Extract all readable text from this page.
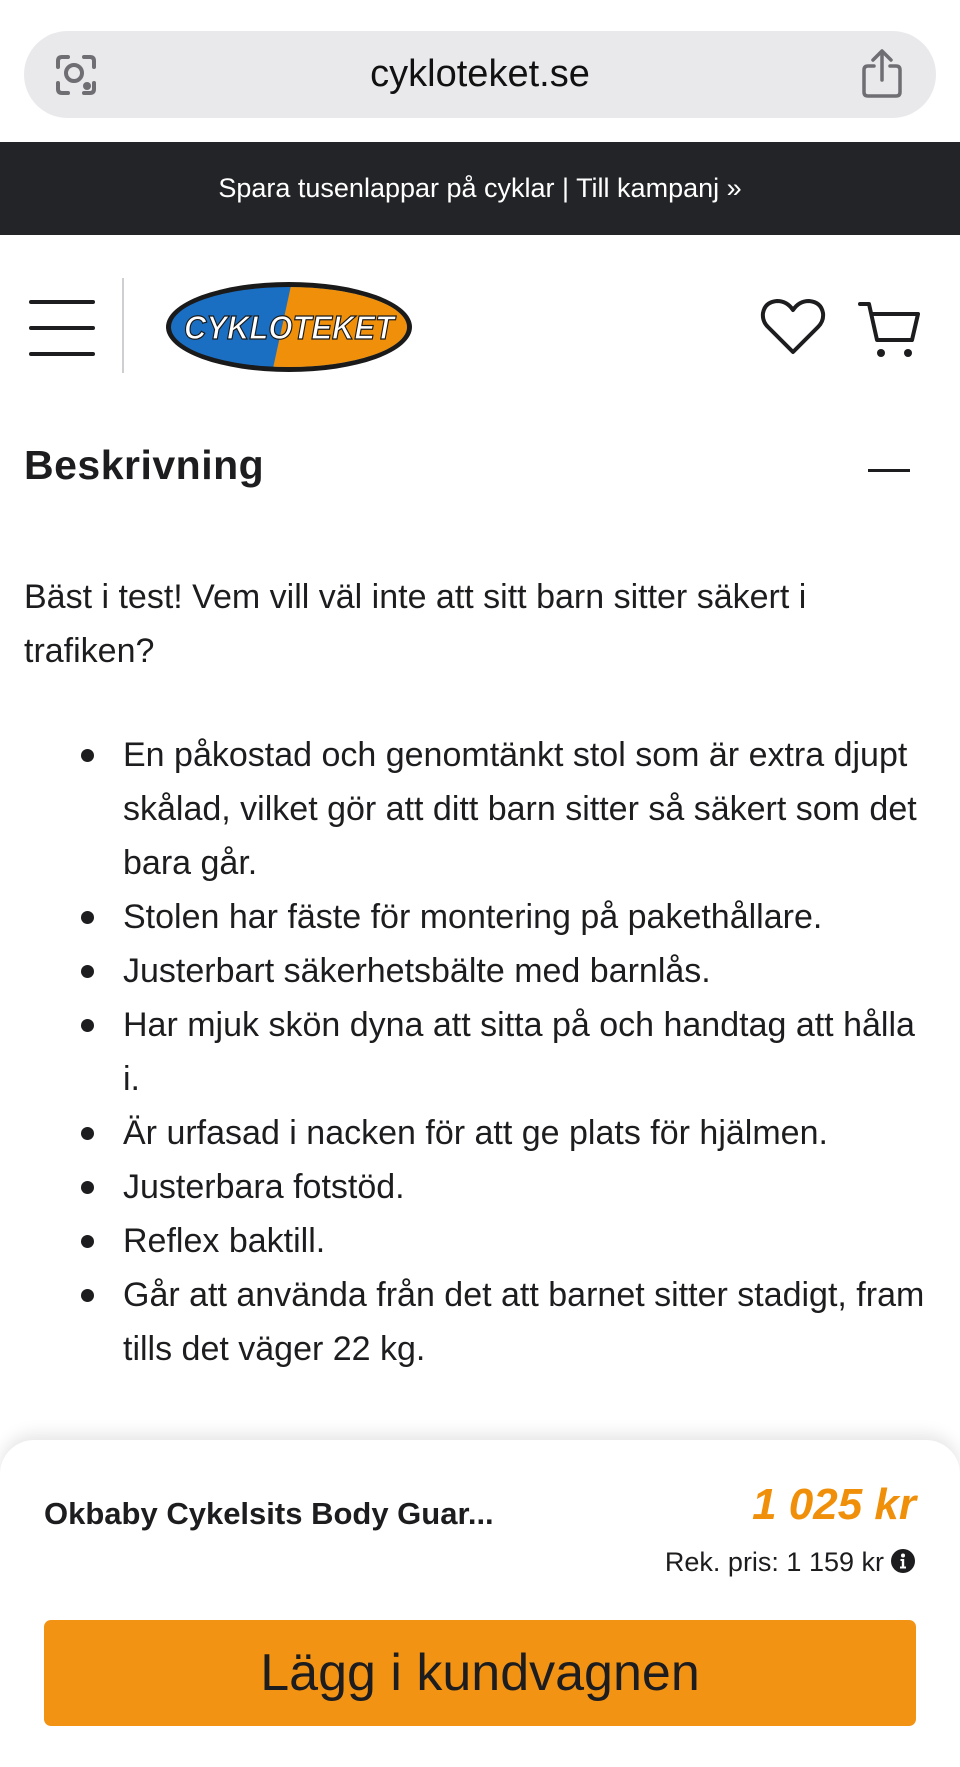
cykloteket.se
Spara tusenlappar på cyklar | Till kampanj »
CYKLOTEKET
Beskrivning

Bäst i test! Vem vill väl inte att sitt barn sitter säkert i trafiken?

En påkostad och genomtänkt stol som är extra djupt skålad, vilket gör att ditt barn sitter så säkert som det bara går.
Stolen har fäste för montering på pakethållare.
Justerbart säkerhetsbälte med barnlås.
Har mjuk skön dyna att sitta på och handtag att hålla i.
Är urfasad i nacken för att ge plats för hjälmen.
Justerbara fotstöd.
Reflex baktill.
Går att använda från det att barnet sitter stadigt, fram tills det väger 22 kg.
Okbaby Cykelsits Body Guar...	1 025 kr
Rek. pris: 1 159 kr
Lägg i kundvagnen
